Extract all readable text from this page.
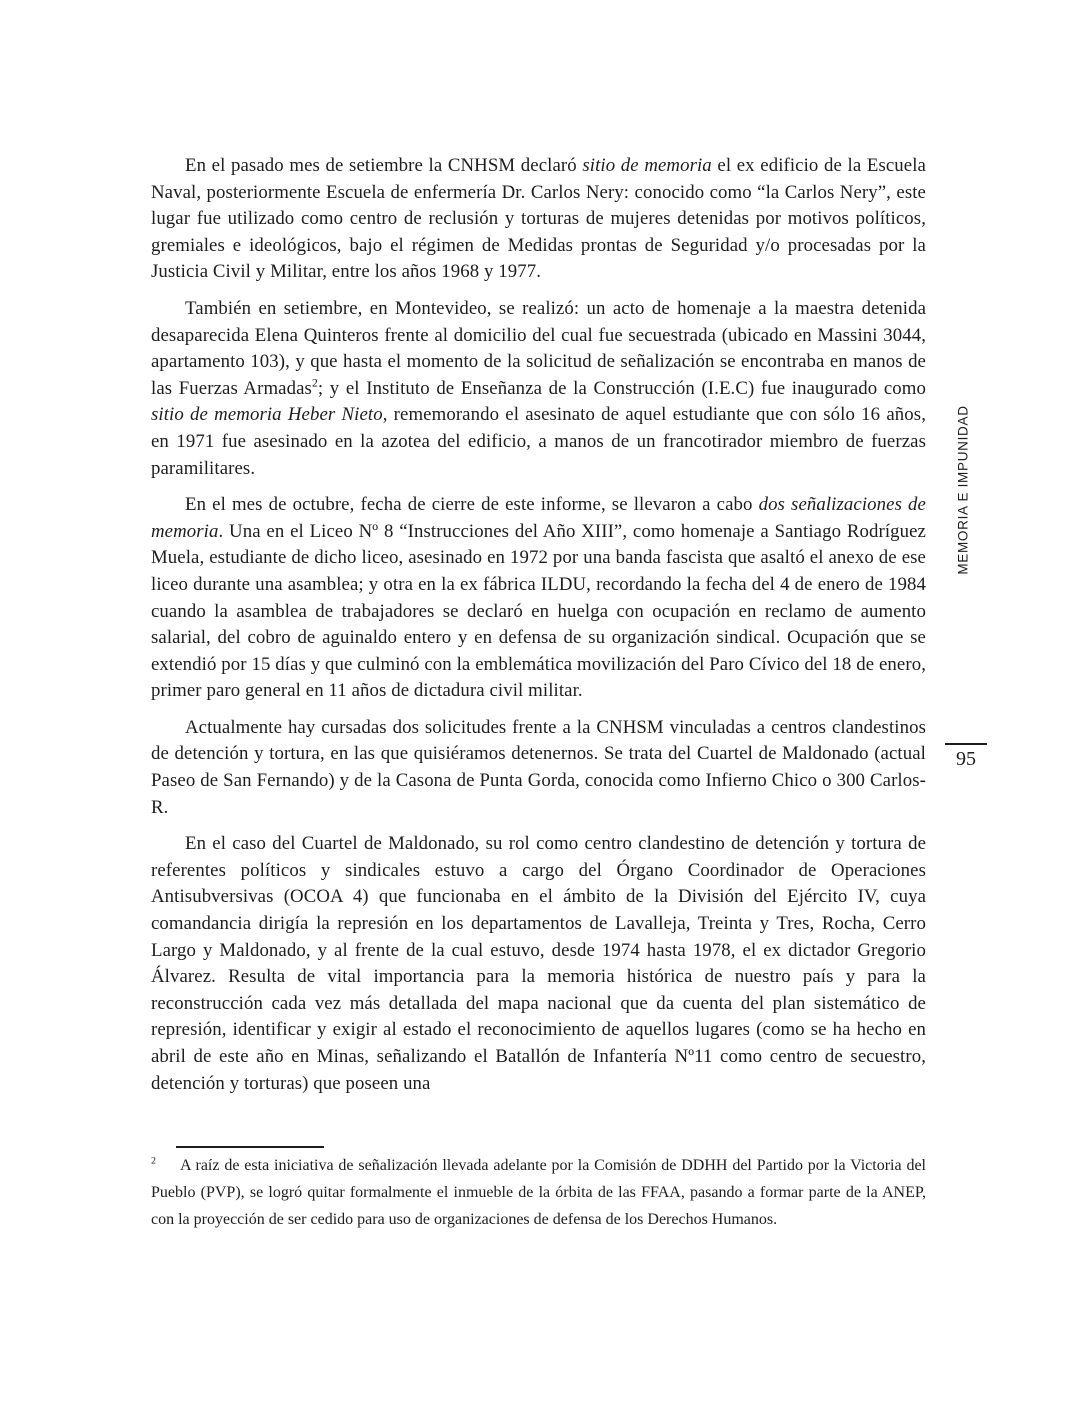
En el pasado mes de setiembre la CNHSM declaró sitio de memoria el ex edificio de la Escuela Naval, posteriormente Escuela de enfermería Dr. Carlos Nery: conocido como “la Carlos Nery”, este lugar fue utilizado como centro de reclusión y torturas de mujeres detenidas por motivos políticos, gremiales e ideológicos, bajo el régimen de Medidas prontas de Seguridad y/o procesadas por la Justicia Civil y Militar, entre los años 1968 y 1977.

También en setiembre, en Montevideo, se realizó: un acto de homenaje a la maestra detenida desaparecida Elena Quinteros frente al domicilio del cual fue secuestrada (ubicado en Massini 3044, apartamento 103), y que hasta el momento de la solicitud de señalización se encontraba en manos de las Fuerzas Armadas$^2$; y el Instituto de Enseñanza de la Construcción (I.E.C) fue inaugurado como sitio de memoria Heber Nieto, rememorando el asesinato de aquel estudiante que con sólo 16 años, en 1971 fue asesinado en la azotea del edificio, a manos de un francotirador miembro de fuerzas paramilitares.

En el mes de octubre, fecha de cierre de este informe, se llevaron a cabo dos señalizaciones de memoria. Una en el Liceo Nº 8 “Instrucciones del Año XIII”, como homenaje a Santiago Rodríguez Muela, estudiante de dicho liceo, asesinado en 1972 por una banda fascista que asaltó el anexo de ese liceo durante una asamblea; y otra en la ex fábrica ILDU, recordando la fecha del 4 de enero de 1984 cuando la asamblea de trabajadores se declaró en huelga con ocupación en reclamo de aumento salarial, del cobro de aguinaldo entero y en defensa de su organización sindical. Ocupación que se extendió por 15 días y que culminó con la emblemática movilización del Paro Cívico del 18 de enero, primer paro general en 11 años de dictadura civil militar.

Actualmente hay cursadas dos solicitudes frente a la CNHSM vinculadas a centros clandestinos de detención y tortura, en las que quisiéramos detenernos. Se trata del Cuartel de Maldonado (actual Paseo de San Fernando) y de la Casona de Punta Gorda, conocida como Infierno Chico o 300 Carlos- R.

En el caso del Cuartel de Maldonado, su rol como centro clandestino de detención y tortura de referentes políticos y sindicales estuvo a cargo del Órgano Coordinador de Operaciones Antisubversivas (OCOA 4) que funcionaba en el ámbito de la División del Ejército IV, cuya comandancia dirigía la represión en los departamentos de Lavalleja, Treinta y Tres, Rocha, Cerro Largo y Maldonado, y al frente de la cual estuvo, desde 1974 hasta 1978, el ex dictador Gregorio Álvarez. Resulta de vital importancia para la memoria histórica de nuestro país y para la reconstrucción cada vez más detallada del mapa nacional que da cuenta del plan sistemático de represión, identificar y exigir al estado el reconocimiento de aquellos lugares (como se ha hecho en abril de este año en Minas, señalizando el Batallón de Infantería Nº11 como centro de secuestro, detención y torturas) que poseen una

MEMORIA E IMPUNIDAD
95

$^2$ A raíz de esta iniciativa de señalización llevada adelante por la Comisión de DDHH del Partido por la Victoria del Pueblo (PVP), se logró quitar formalmente el inmueble de la órbita de las FFAA, pasando a formar parte de la ANEP, con la proyección de ser cedido para uso de organizaciones de defensa de los Derechos Humanos.
